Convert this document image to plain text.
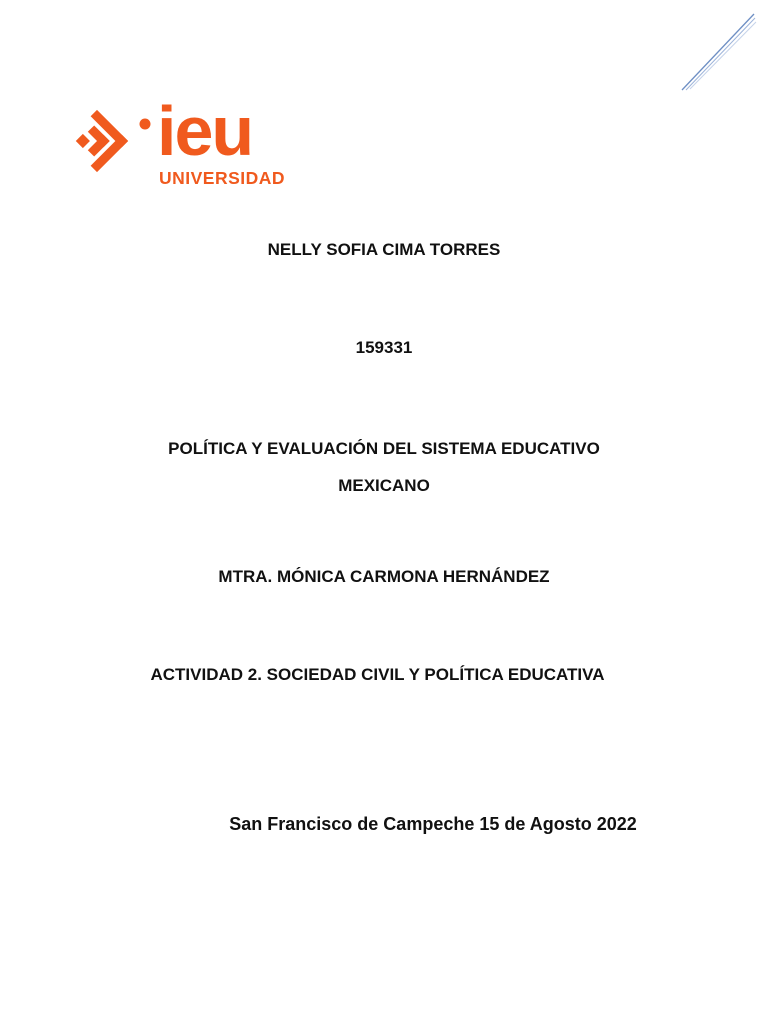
ieu
UNIVERSIDAD

NELLY SOFIA CIMA TORRES

159331

POLÍTICA Y EVALUACIÓN DEL SISTEMA EDUCATIVO
MEXICANO

MTRA. MÓNICA CARMONA HERNÁNDEZ

ACTIVIDAD 2. SOCIEDAD CIVIL Y POLÍTICA EDUCATIVA

San Francisco de Campeche 15 de Agosto 2022
